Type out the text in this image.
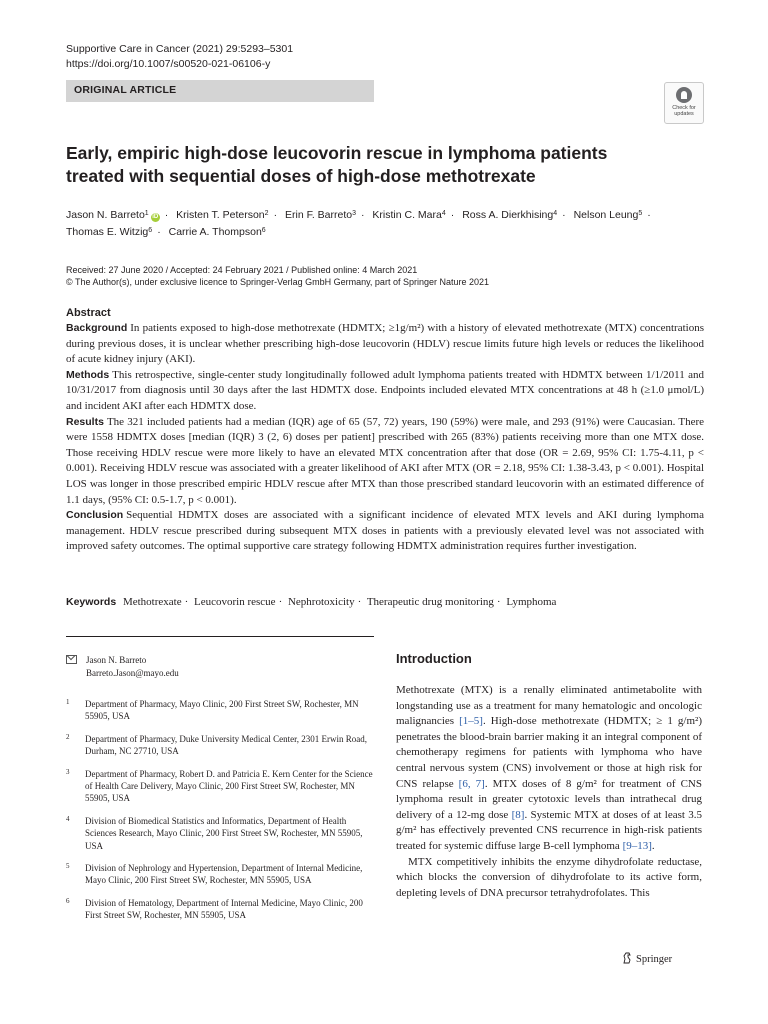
Supportive Care in Cancer (2021) 29:5293–5301
https://doi.org/10.1007/s00520-021-06106-y
ORIGINAL ARTICLE
Check for
updates
Early, empiric high-dose leucovorin rescue in lymphoma patients
treated with sequential doses of high-dose methotrexate
Jason N. Barreto$^1$ iD · Kristen T. Peterson$^2$ · Erin F. Barreto$^3$ · Kristin C. Mara$^4$ · Ross A. Dierkhising$^4$ · Nelson Leung$^5$ ·
Thomas E. Witzig$^6$ · Carrie A. Thompson$^6$
Received: 27 June 2020 / Accepted: 24 February 2021 / Published online: 4 March 2021
© The Author(s), under exclusive licence to Springer-Verlag GmbH Germany, part of Springer Nature 2021
Abstract

Background In patients exposed to high-dose methotrexate (HDMTX; ≥1g/m²) with a history of elevated methotrexate (MTX) concentrations during previous doses, it is unclear whether prescribing high-dose leucovorin (HDLV) rescue limits future high levels or reduces the likelihood of acute kidney injury (AKI).

Methods This retrospective, single-center study longitudinally followed adult lymphoma patients treated with HDMTX between 1/1/2011 and 10/31/2017 from diagnosis until 30 days after the last HDMTX dose. Endpoints included elevated MTX concentrations at 48 h (≥1.0 μmol/L) and incident AKI after each HDMTX dose.

Results The 321 included patients had a median (IQR) age of 65 (57, 72) years, 190 (59%) were male, and 293 (91%) were Caucasian. There were 1558 HDMTX doses [median (IQR) 3 (2, 6) doses per patient] prescribed with 265 (83%) patients receiving more than one MTX dose. Those receiving HDLV rescue were more likely to have an elevated MTX concentration after that dose (OR = 2.69, 95% CI: 1.75-4.11, p < 0.001). Receiving HDLV rescue was associated with a greater likelihood of AKI after MTX (OR = 2.18, 95% CI: 1.38-3.43, p < 0.001). Hospital LOS was longer in those prescribed empiric HDLV rescue after MTX than those prescribed standard leucovorin with an estimated difference of 1.1 days, (95% CI: 0.5-1.7, p < 0.001).

Conclusion Sequential HDMTX doses are associated with a significant incidence of elevated MTX levels and AKI during lymphoma management. HDLV rescue prescribed during subsequent MTX doses in patients with a previously elevated level was not associated with improved safety outcomes. The optimal supportive care strategy following HDMTX administration requires further investigation.

Keywords Methotrexate · Leucovorin rescue · Nephrotoxicity · Therapeutic drug monitoring · Lymphoma
Jason N. Barreto
Barreto.Jason@mayo.edu
1 Department of Pharmacy, Mayo Clinic, 200 First Street SW, Rochester, MN 55905, USA
2 Department of Pharmacy, Duke University Medical Center, 2301 Erwin Road, Durham, NC 27710, USA
3 Department of Pharmacy, Robert D. and Patricia E. Kern Center for the Science of Health Care Delivery, Mayo Clinic, 200 First Street SW, Rochester, MN 55905, USA
4 Division of Biomedical Statistics and Informatics, Department of Health Sciences Research, Mayo Clinic, 200 First Street SW, Rochester, MN 55905, USA
5 Division of Nephrology and Hypertension, Department of Internal Medicine, Mayo Clinic, 200 First Street SW, Rochester, MN 55905, USA
6 Division of Hematology, Department of Internal Medicine, Mayo Clinic, 200 First Street SW, Rochester, MN 55905, USA
Introduction

Methotrexate (MTX) is a renally eliminated antimetabolite with longstanding use as a treatment for many hematologic and oncologic malignancies [1–5]. High-dose methotrexate (HDMTX; ≥ 1 g/m²) penetrates the blood-brain barrier making it an integral component of chemotherapy regimens for patients with lymphoma who have central nervous system (CNS) involvement or those at high risk for CNS relapse [6, 7]. MTX doses of 8 g/m² for treatment of CNS lymphoma result in greater cytotoxic levels than intrathecal drug delivery of a 12-mg dose [8]. Systemic MTX at doses of at least 3.5 g/m² has effectively prevented CNS recurrence in high-risk patients treated for systemic diffuse large B-cell lymphoma [9–13].

MTX competitively inhibits the enzyme dihydrofolate reductase, which blocks the conversion of dihydrofolate to its active form, depleting levels of DNA precursor tetrahydrofolates. This

Springer
